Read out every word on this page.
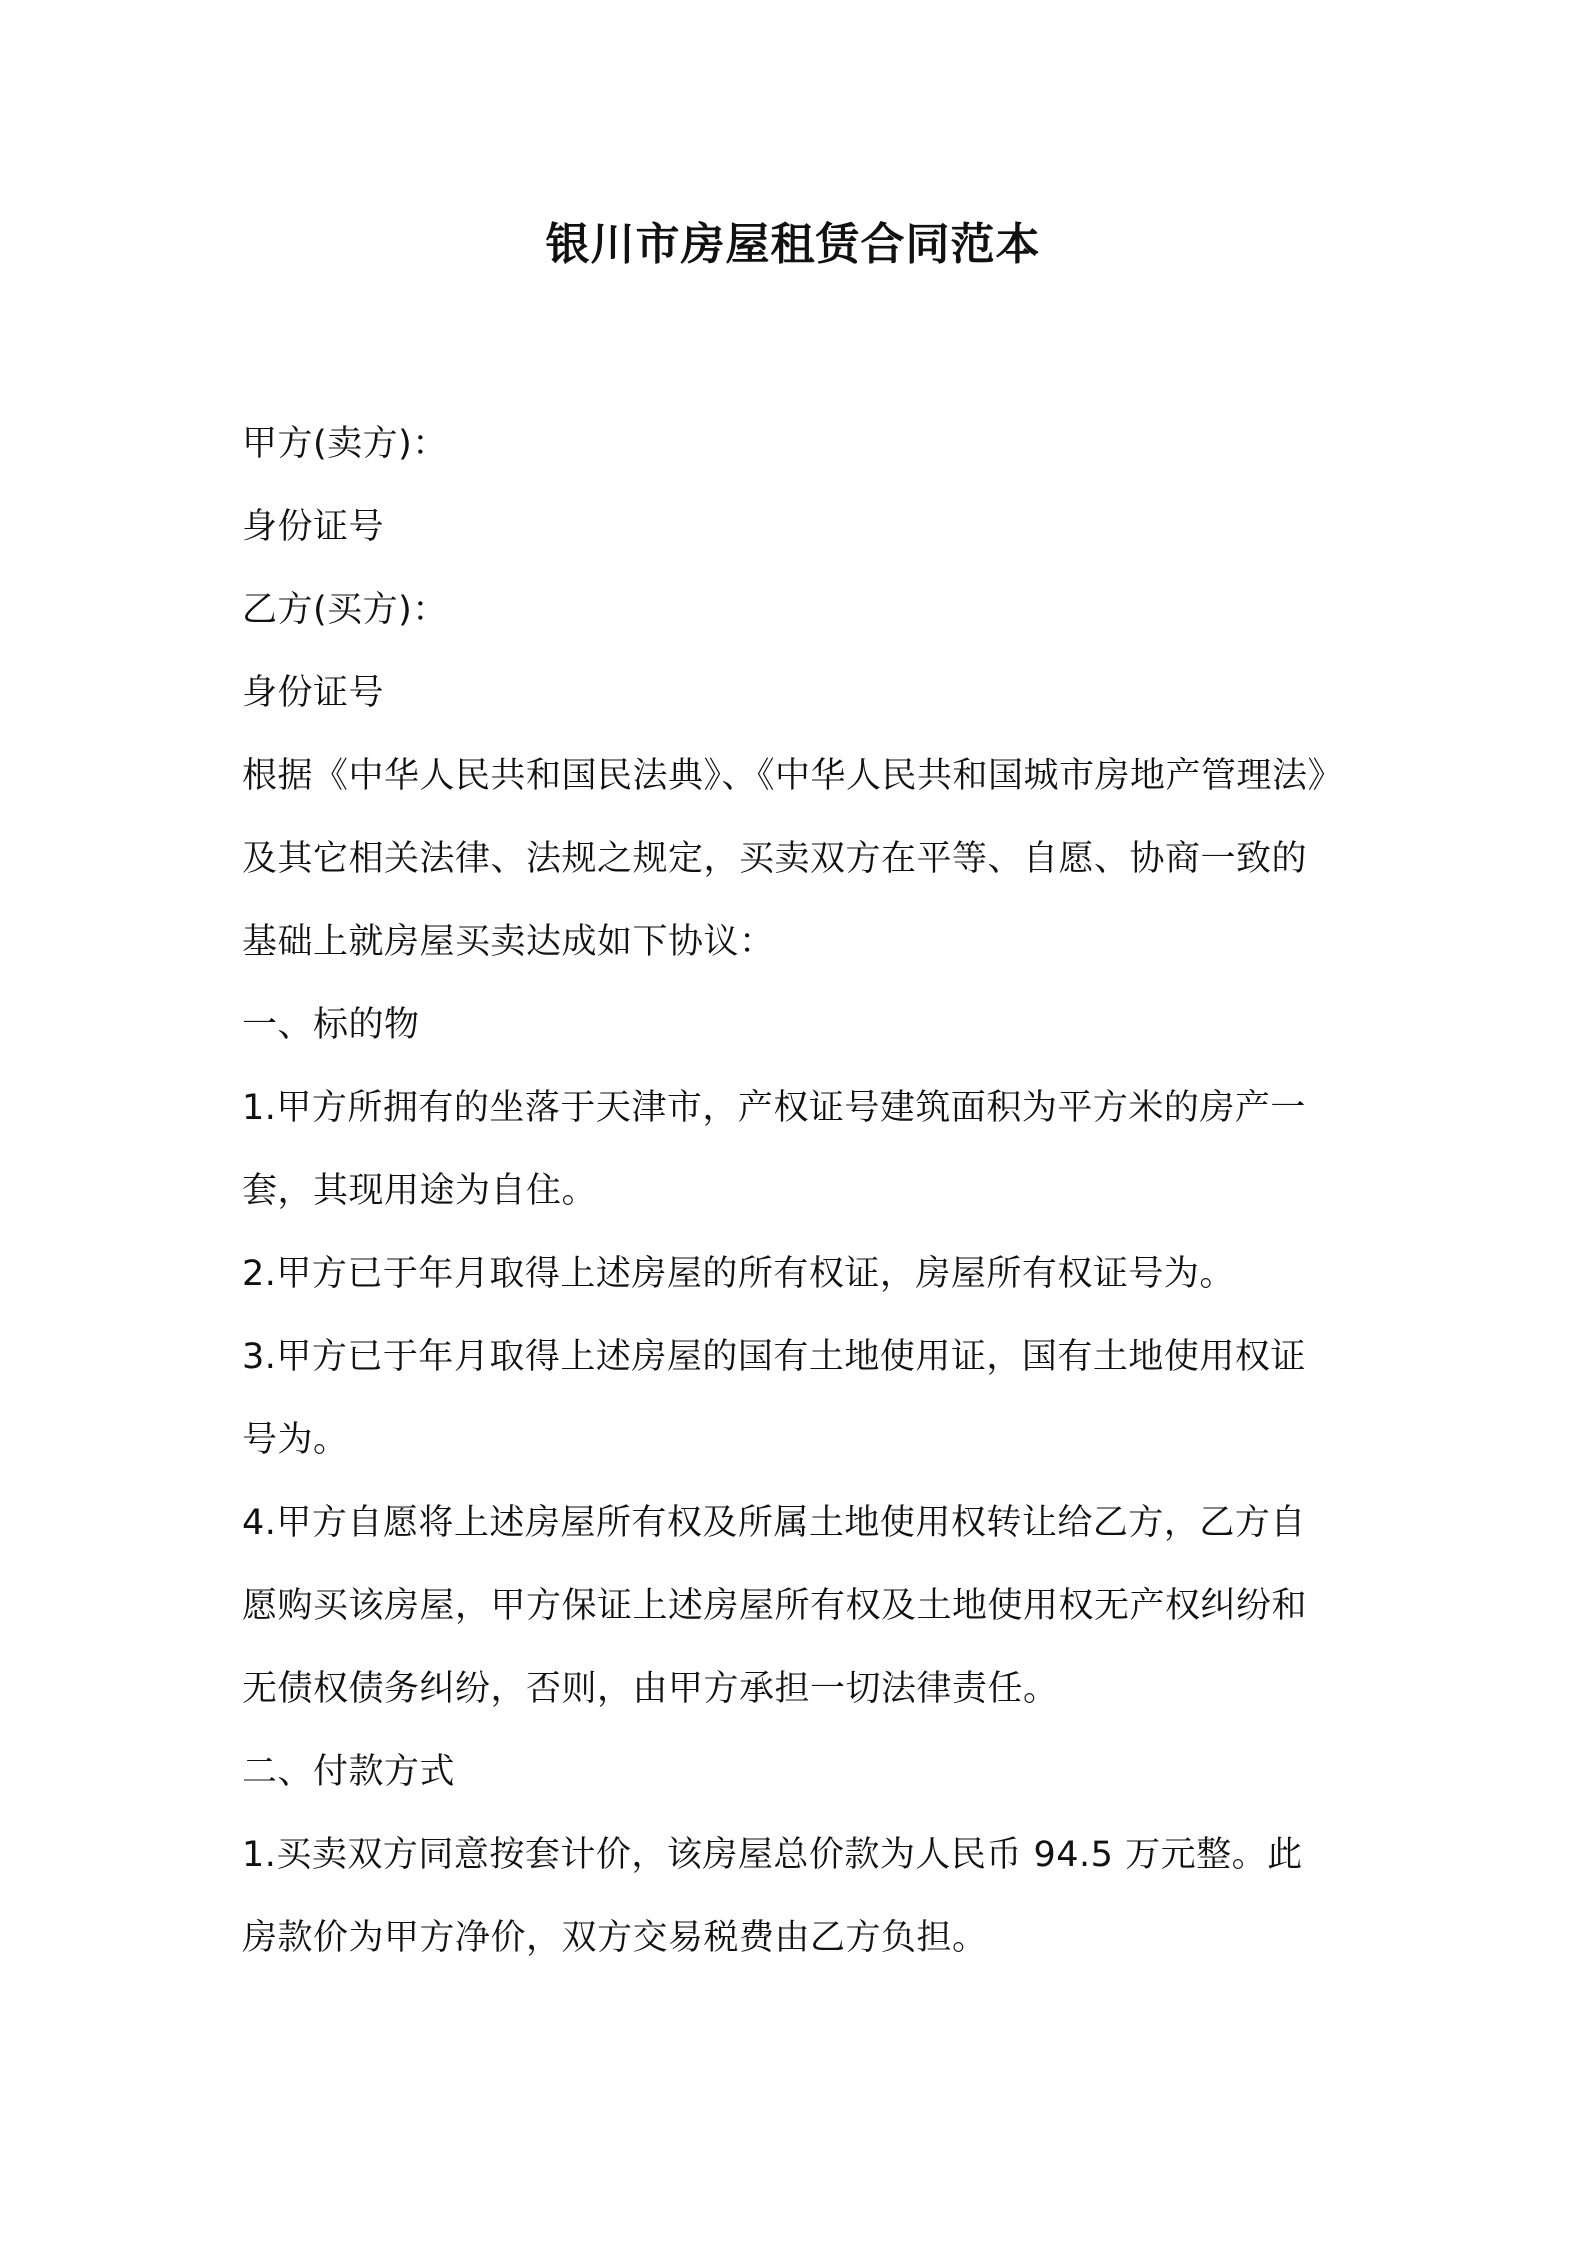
银川市房屋租赁合同范本
甲方(卖方)：
身份证号
乙方(买方)：
身份证号
根据《中华人民共和国民法典》、《中华人民共和国城市房地产管理法》
及其它相关法律、法规之规定，买卖双方在平等、自愿、协商一致的
基础上就房屋买卖达成如下协议：
一、标的物
1.甲方所拥有的坐落于天津市，产权证号建筑面积为平方米的房产一
套，其现用途为自住。
2.甲方已于年月取得上述房屋的所有权证，房屋所有权证号为。
3.甲方已于年月取得上述房屋的国有土地使用证，国有土地使用权证
号为。
4.甲方自愿将上述房屋所有权及所属土地使用权转让给乙方，乙方自
愿购买该房屋，甲方保证上述房屋所有权及土地使用权无产权纠纷和
无债权债务纠纷，否则，由甲方承担一切法律责任。
二、付款方式
1.买卖双方同意按套计价，该房屋总价款为人民币 94.5 万元整。此
房款价为甲方净价，双方交易税费由乙方负担。
